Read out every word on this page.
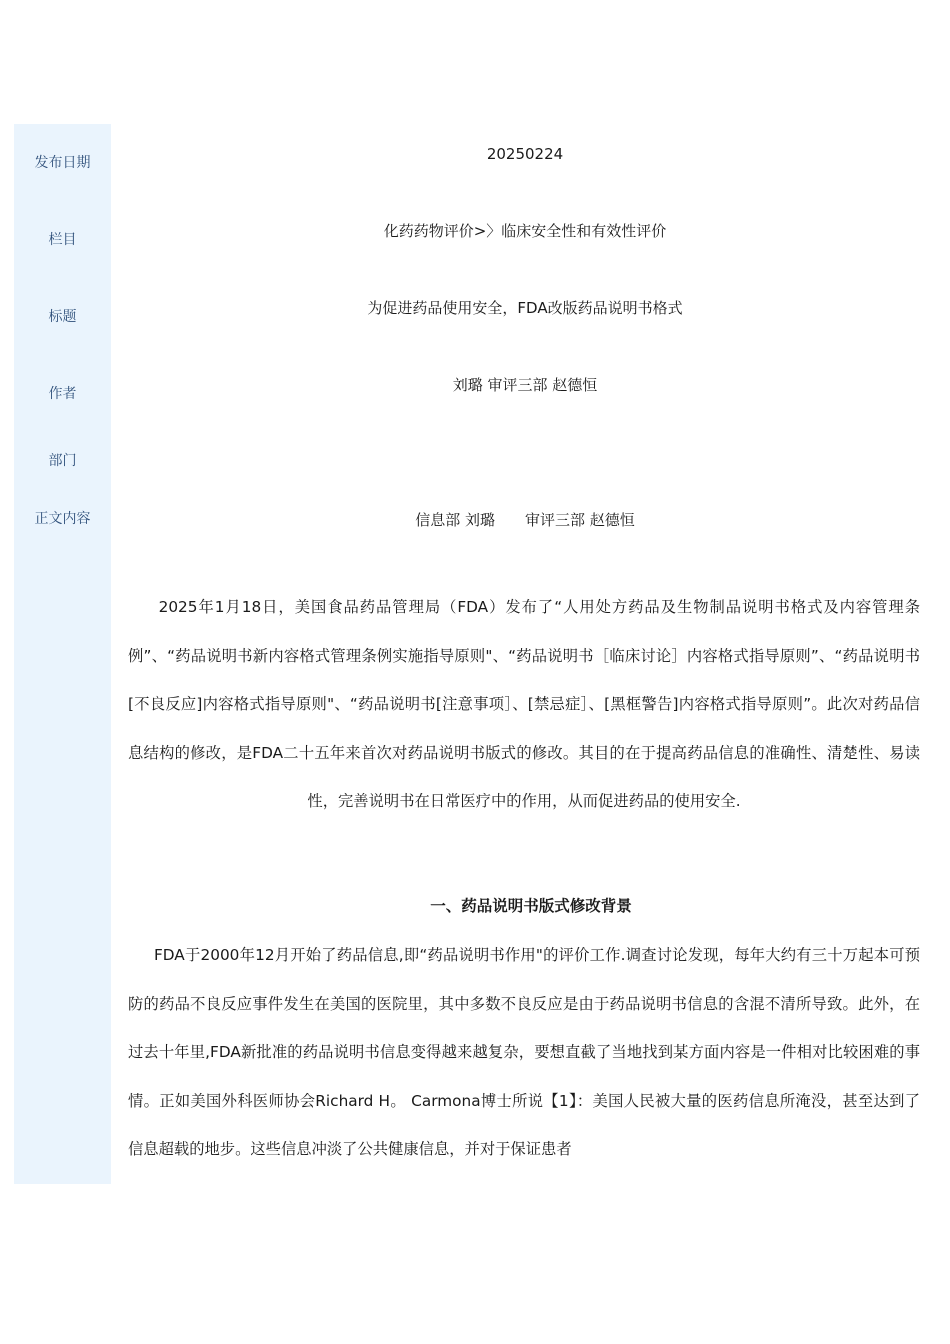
发布日期
栏目
标题
作者
部门
正文内容
20250224
化药药物评价>〉临床安全性和有效性评价
为促进药品使用安全，FDA改版药品说明书格式
刘璐 审评三部 赵德恒
信息部 刘璐 审评三部 赵德恒

2025年1月18日，美国食品药品管理局（FDA）发布了“人用处方药品及生物制品说明书格式及内容管理条例”、“药品说明书新内容格式管理条例实施指导原则"、“药品说明书［临床讨论］内容格式指导原则”、“药品说明书[不良反应]内容格式指导原则"、“药品说明书[注意事项］、[禁忌症］、[黑框警告]内容格式指导原则”。此次对药品信息结构的修改，是FDA二十五年来首次对药品说明书版式的修改。其目的在于提高药品信息的准确性、清楚性、易读性，完善说明书在日常医疗中的作用，从而促进药品的使用安全.

一、药品说明书版式修改背景

FDA于2000年12月开始了药品信息,即“药品说明书作用"的评价工作.调查讨论发现，每年大约有三十万起本可预防的药品不良反应事件发生在美国的医院里，其中多数不良反应是由于药品说明书信息的含混不清所导致。此外，在过去十年里,FDA新批准的药品说明书信息变得越来越复杂，要想直截了当地找到某方面内容是一件相对比较困难的事情。正如美国外科医师协会Richard H。 Carmona博士所说【1】：美国人民被大量的医药信息所淹没，甚至达到了信息超载的地步。这些信息冲淡了公共健康信息，并对于保证患者
